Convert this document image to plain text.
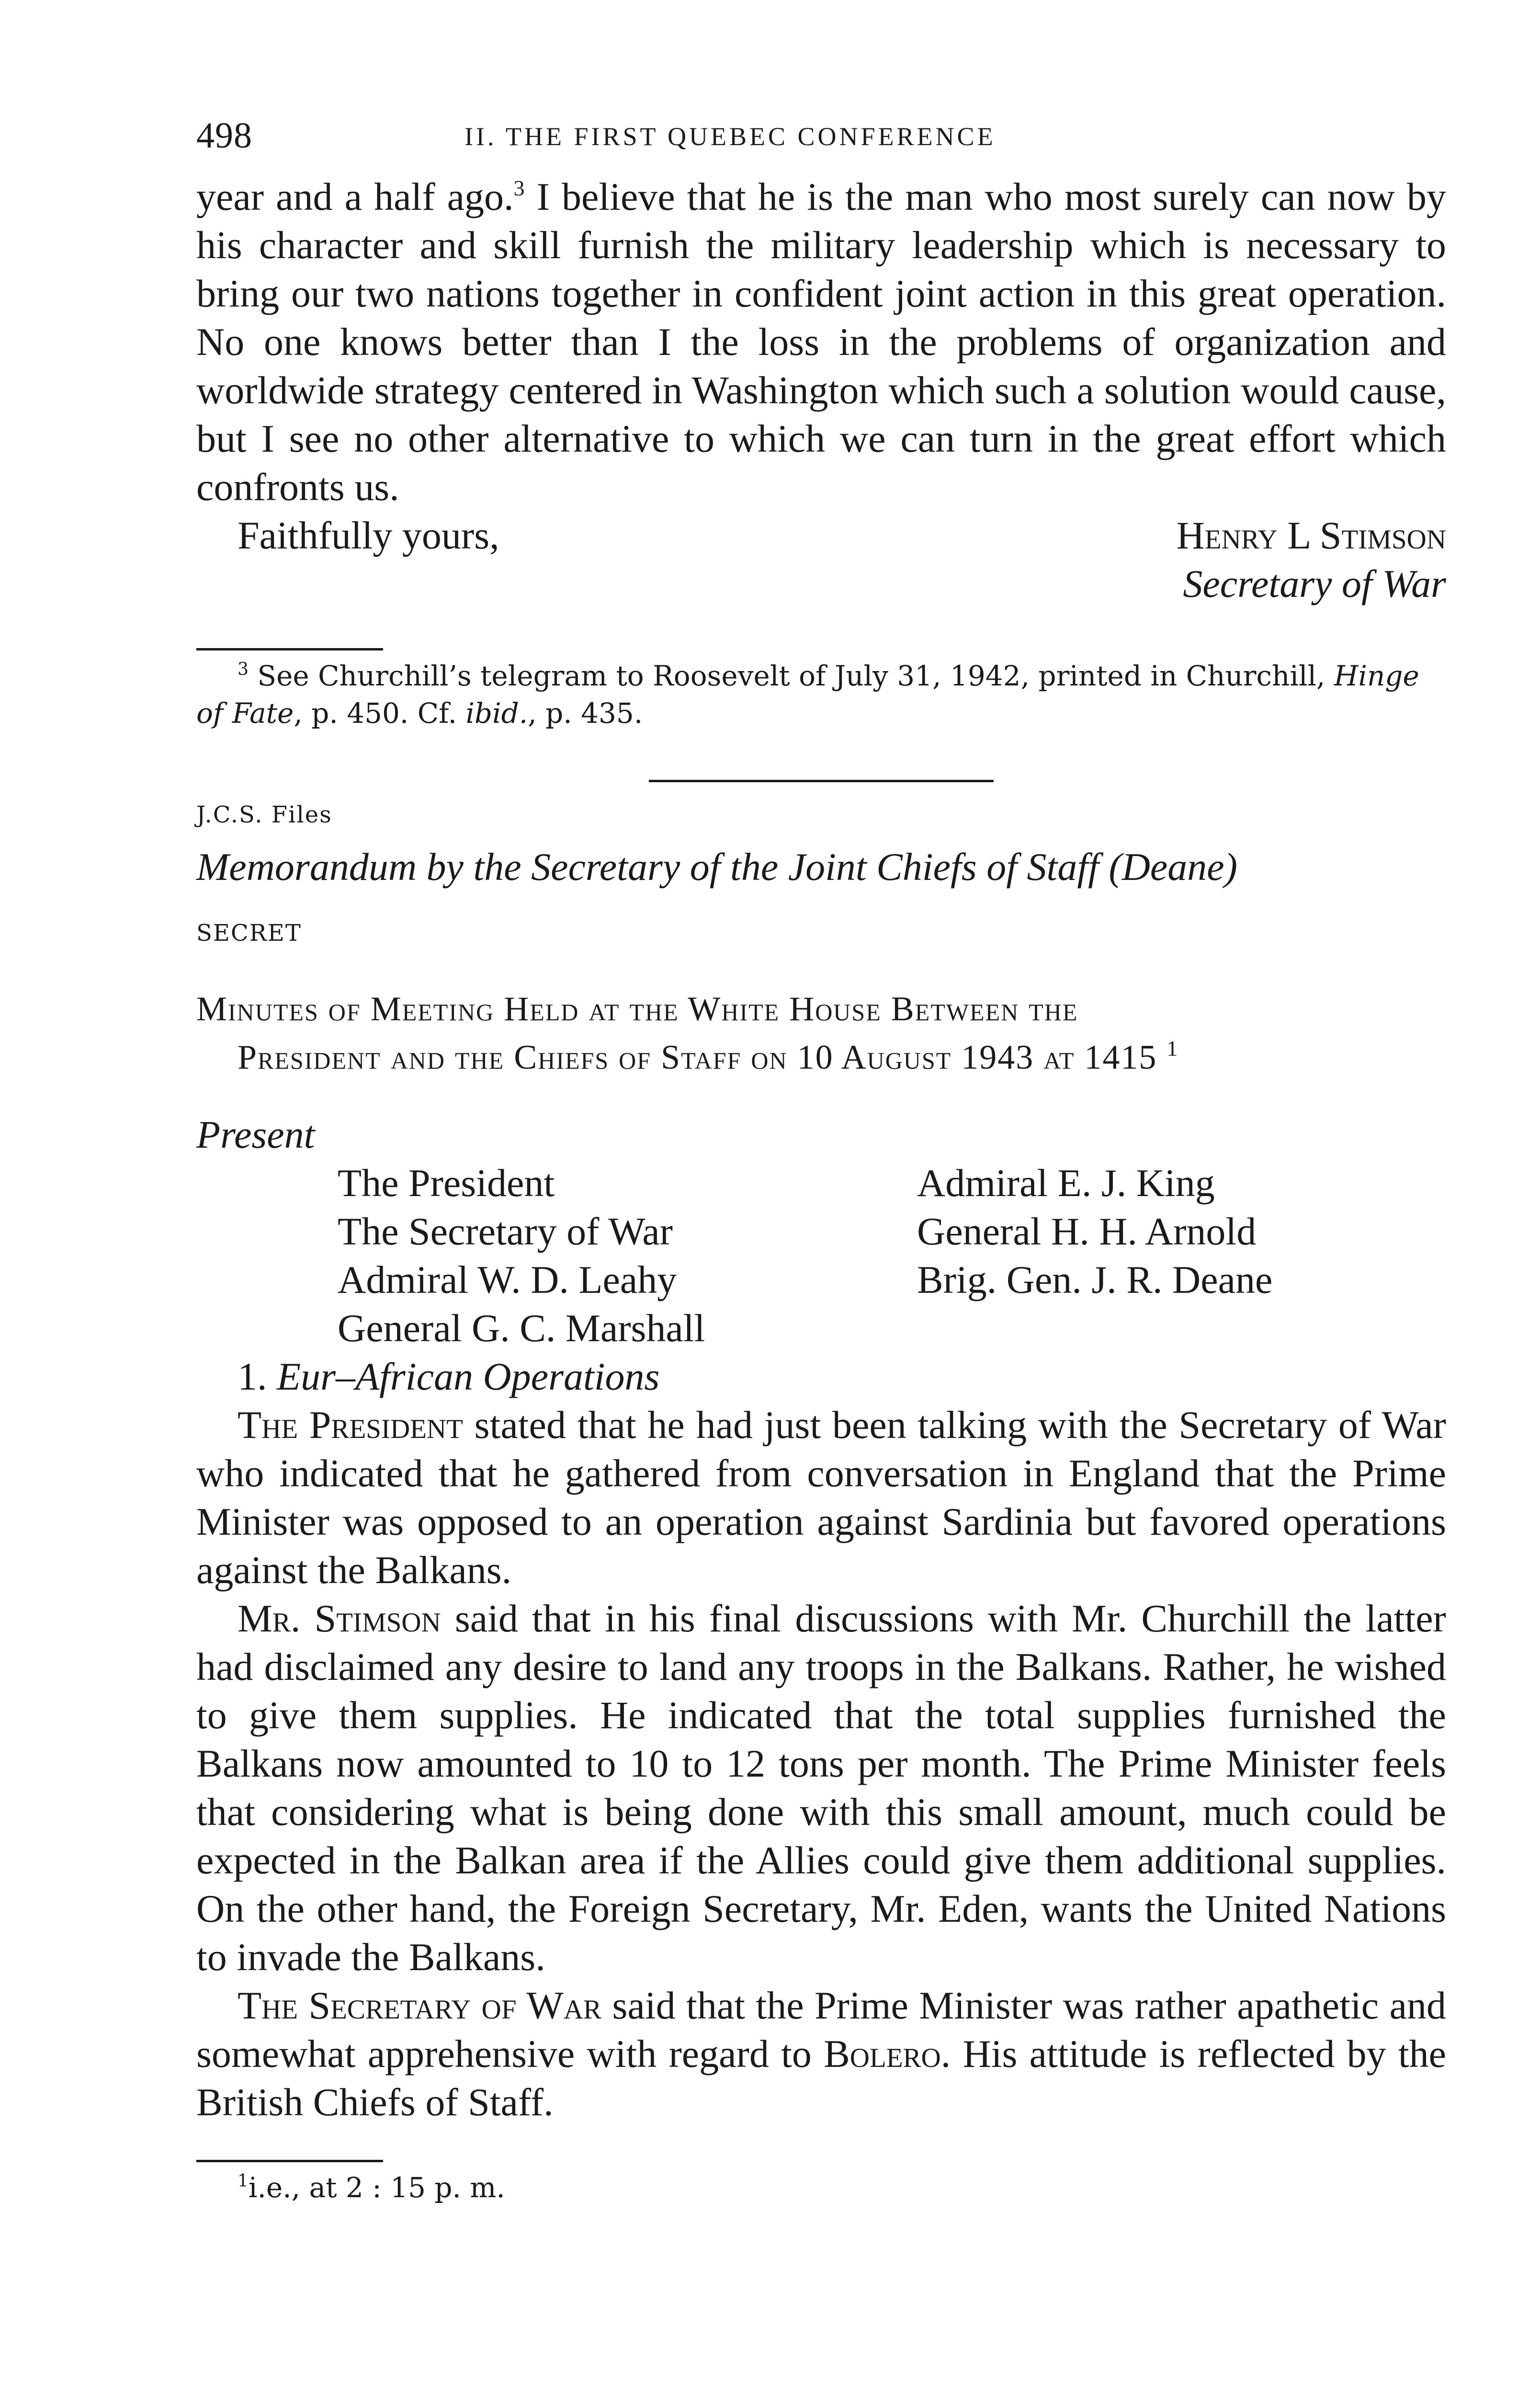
498	II. THE FIRST QUEBEC CONFERENCE

year and a half ago.$^3$ I believe that he is the man who most surely can now by his character and skill furnish the military leadership which is necessary to bring our two nations together in confident joint action in this great operation. No one knows better than I the loss in the problems of organization and worldwide strategy centered in Washington which such a solution would cause, but I see no other alternative to which we can turn in the great effort which confronts us.

Faithfully yours,	Henry L Stimson
Secretary of War

$^3$ See Churchill’s telegram to Roosevelt of July 31, 1942, printed in Churchill, Hinge of Fate, p. 450. Cf. ibid., p. 435.

J.C.S. Files
Memorandum by the Secretary of the Joint Chiefs of Staff (Deane)
SECRET
Minutes of Meeting Held at the White House Between the
President and the Chiefs of Staff on 10 August 1943 at 1415 $^1$
Present
The President
The Secretary of War
Admiral W. D. Leahy
General G. C. Marshall
Admiral E. J. King
General H. H. Arnold
Brig. Gen. J. R. Deane
1. Eur–African Operations

The President stated that he had just been talking with the Secretary of War who indicated that he gathered from conversation in England that the Prime Minister was opposed to an operation against Sardinia but favored operations against the Balkans.

Mr. Stimson said that in his final discussions with Mr. Churchill the latter had disclaimed any desire to land any troops in the Balkans. Rather, he wished to give them supplies. He indicated that the total supplies furnished the Balkans now amounted to 10 to 12 tons per month. The Prime Minister feels that considering what is being done with this small amount, much could be expected in the Balkan area if the Allies could give them additional supplies. On the other hand, the Foreign Secretary, Mr. Eden, wants the United Nations to invade the Balkans.

The Secretary of War said that the Prime Minister was rather apathetic and somewhat apprehensive with regard to Bolero. His attitude is reflected by the British Chiefs of Staff.

$^1$i.e., at 2 : 15 p. m.
